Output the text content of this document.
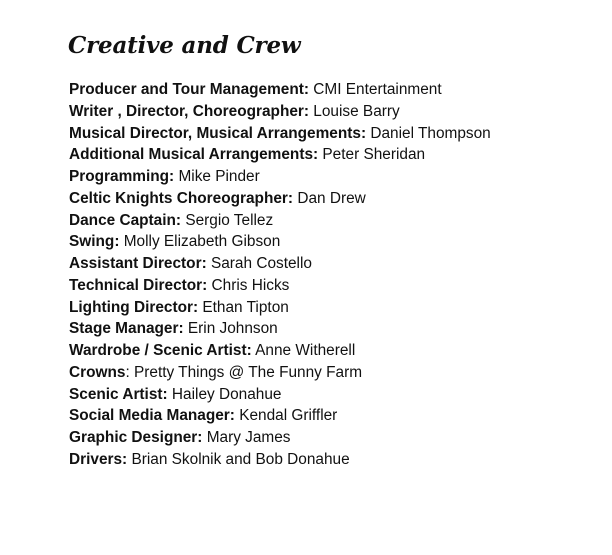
Creative and Crew
Producer and Tour Management: CMI Entertainment
Writer , Director, Choreographer: Louise Barry
Musical Director, Musical Arrangements: Daniel Thompson
Additional Musical Arrangements: Peter Sheridan
Programming: Mike Pinder
Celtic Knights Choreographer: Dan Drew
Dance Captain: Sergio Tellez
Swing: Molly Elizabeth Gibson
Assistant Director: Sarah Costello
Technical Director: Chris Hicks
Lighting Director: Ethan Tipton
Stage Manager: Erin Johnson
Wardrobe / Scenic Artist: Anne Witherell
Crowns: Pretty Things @ The Funny Farm
Scenic Artist: Hailey Donahue
Social Media Manager: Kendal Griffler
Graphic Designer: Mary James
Drivers: Brian Skolnik and Bob Donahue
